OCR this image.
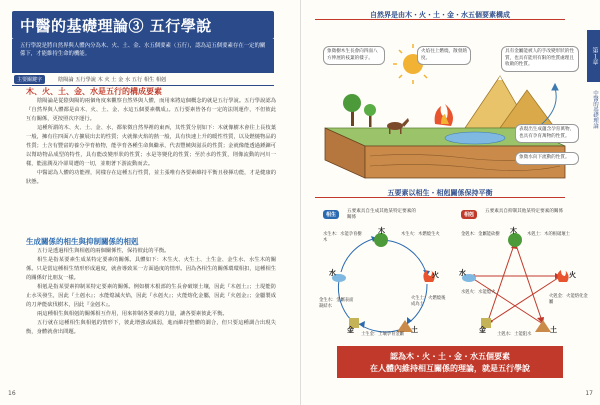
中醫的基礎理論③ 五行學說
五行學說是將自然界與人體內分為木、火、土、金、水五個要素（五行），認為這五個要素存在一定的關係下，才能維持生命的機能。
主要關鍵字	陰陽論 五行學說 木 火 土 金 水 五行 相生 相剋
木、火、土、金、水是五行的構成要素

陰陽論是從陰與陽的兩個角度來觀察自然界與人體，而用來將這個概念的就是五行學說。五行學說認為『自然界與人體都是由木、火、土、金、水這五個要素構成』。五行要素皆各有一定的法則運作，不但彼此互有關係，更按照次序運行。

這種所謂的木、火、土、金、水，都象徵自然界裡的東西，其性質分別如下：木就像樹木會往上長枝葉一般，擁有往四面八方擴展出去的性質；火就像火焰的熱一般，具有快速上升的暖性性質，以及燃燒物品的性質；土含有豐富的養分孕育植物，能孕育各種生命與繼承，代表豐饒與滋長的性質；金就像能透過錘鍊可以幫助物品成型的特性，具有能改變形狀的性質；水是等變化的性質；至於水的性質，則像流動的河川一樣，能滋潤及冷卻周遭的一切，並朝著下游流動而去。

中醫認為人體的功能裡，同樣存在這種五行性質，並主張唯有各要素維持平衡且發揮功能，才是健康的狀態。

生成關係的相生與抑制關係的相剋

五行是透過相生與相剋的兩個關係性，保持彼此的平衡。

相生是指某要素生成某特定要素的關係。具體如下：木生火、火生土、土生金、金生水、水生木的關係。只是當這種相生情形形成過度，就會導致某一方面過度的情形。因為各相生的關係環環相扣，這種相生的關係好比朋友一樣。

相剋是指某要素抑制某特定要素的關係。例如樹木根部的生長會破壞土壤，因此『木剋土』；土堤能防止水災發生，因此『土剋水』；水能熄滅火焰，因此『水剋火』；火能熔化金屬，因此『火剋金』；金屬製成的刀斧能砍伐樹木，因此『金剋木』。

兩這種相生與相剋的關係相互作用，用來抑制各要素的力量，讓各要素彼此平衡。

五行就在這種相生與相剋的情形下，彼此增強或減弱，進而維持整體的調合，但只要這種調合出現失衡，身體就會出問題。

16
自然界是由木・火・土・金・水五個要素構成
第１章
中醫的基礎理論
象徵樹木生長會向四面八方伸展的枝葉的樣子。
火焰往上燃燒，散發熱度。
具有金屬能被人的手改變形狀的性質，也具有能用有限的性質處理且收斂的性質。
表現出生成蘊含孕育萬物，也具有孕育萬物的性質。
象徵水向下流動的性質。
五要素以相生・相剋關係保持平衡
相生
五要素具自生成其他某特定要素的關係	相剋
五要素具自抑制其他某特定要素的關係
木
火
土
金
水
水生木：水能孕育樹木
木生火：木燃燒生火
火生土：火燃燒後成為土
土生金：土壤孕育金屬
金生水：金屬表面凝結水
木
火
土
金
水
木剋土：木的根破壞土
金剋木：金屬能砍樹
水剋火：水能熄火
火剋金：火能熔化金屬
土剋水：土能阻水
認為木・火・土・金・水五個要素
在人體內維持相互關係的理論，就是五行學說
17
